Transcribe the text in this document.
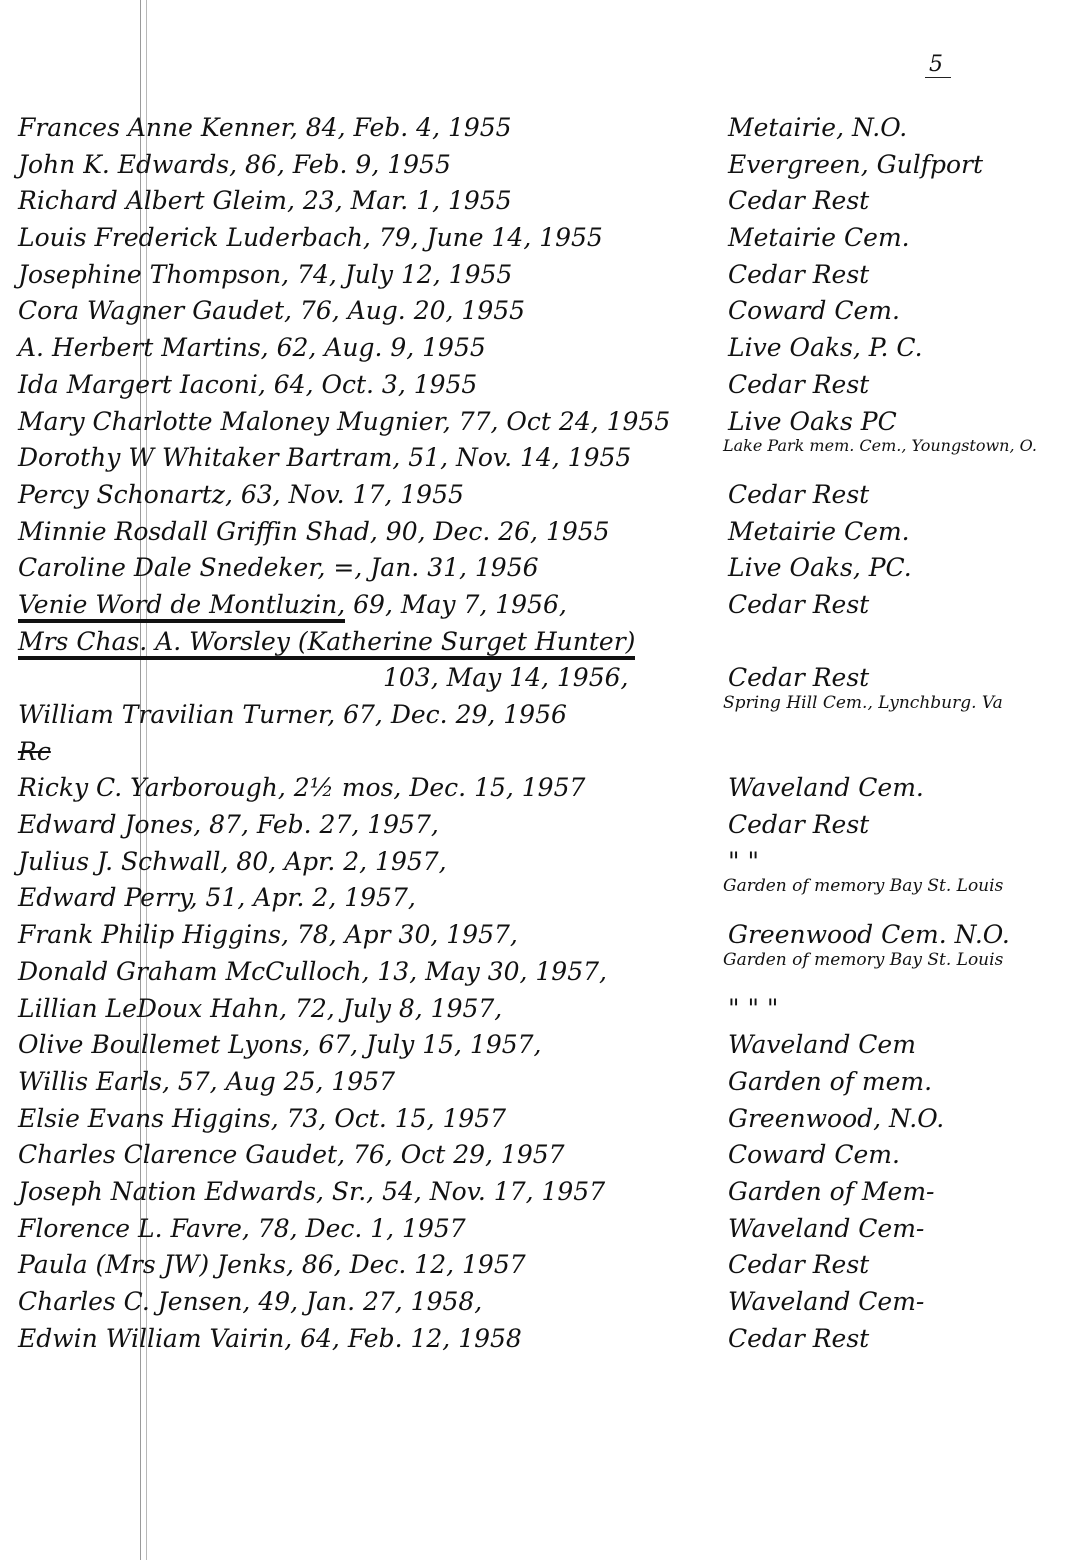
5
Frances Anne Kenner, 84, Feb. 4, 1955	Metairie, N.O.
John K. Edwards, 86, Feb. 9, 1955	Evergreen, Gulfport
Richard Albert Gleim, 23, Mar. 1, 1955	Cedar Rest
Louis Frederick Luderbach, 79, June 14, 1955	Metairie Cem.
Josephine Thompson, 74, July 12, 1955	Cedar Rest
Cora Wagner Gaudet, 76, Aug. 20, 1955	Coward Cem.
A. Herbert Martins, 62, Aug. 9, 1955	Live Oaks, P. C.
Ida Margert Iaconi, 64, Oct. 3, 1955	Cedar Rest
Mary Charlotte Maloney Mugnier, 77, Oct 24, 1955 Live Oaks PC
Dorothy W Whitaker Bartram, 51, Nov. 14, 1955	Lake Park mem. Cem., Youngstown, O.
Percy Schonartz, 63, Nov. 17, 1955	Cedar Rest
Minnie Rosdall Griffin Shad, 90, Dec. 26, 1955	Metairie Cem.
Caroline Dale Snedeker, =, Jan. 31, 1956	Live Oaks, PC.
Venie Word de Montluzin, 69, May 7, 1956,	Cedar Rest
Mrs Chas. A. Worsley (Katherine Surget Hunter)
103, May 14, 1956,	Cedar Rest
William Travilian Turner, 67, Dec. 29, 1956	Spring Hill Cem., Lynchburg. Va
Rc
Ricky C. Yarborough, 2½ mos, Dec. 15, 1957	Waveland Cem.
Edward Jones, 87, Feb. 27, 1957,	Cedar Rest
Julius J. Schwall, 80, Apr. 2, 1957,	" "
Edward Perry, 51, Apr. 2, 1957,	Garden of memory Bay St. Louis
Frank Philip Higgins, 78, Apr 30, 1957,	Greenwood Cem. N.O.
Donald Graham McCulloch, 13, May 30, 1957,	Garden of memory Bay St. Louis
Lillian LeDoux Hahn, 72, July 8, 1957,	" " "
Olive Boullemet Lyons, 67, July 15, 1957,	Waveland Cem
Willis Earls, 57, Aug 25, 1957	Garden of mem.
Elsie Evans Higgins, 73, Oct. 15, 1957	Greenwood, N.O.
Charles Clarence Gaudet, 76, Oct 29, 1957	Coward Cem.
Joseph Nation Edwards, Sr., 54, Nov. 17, 1957	Garden of Mem-
Florence L. Favre, 78, Dec. 1, 1957	Waveland Cem-
Paula (Mrs JW) Jenks, 86, Dec. 12, 1957	Cedar Rest
Charles C. Jensen, 49, Jan. 27, 1958,	Waveland Cem-
Edwin William Vairin, 64, Feb. 12, 1958	Cedar Rest
